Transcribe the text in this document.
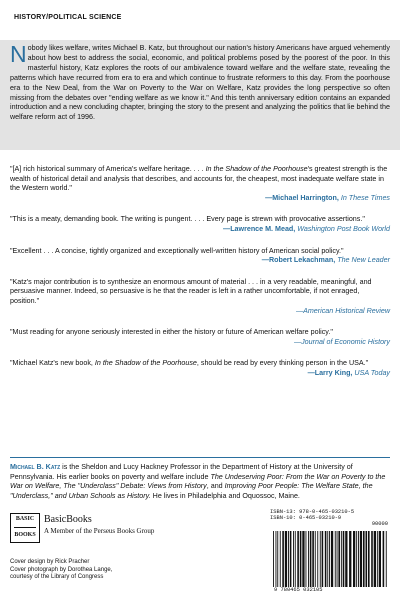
HISTORY/POLITICAL SCIENCE
Nobody likes welfare, writes Michael B. Katz, but throughout our nation's history Americans have argued vehemently about how best to address the social, economic, and political problems posed by the poorest of the poor. In this masterful history, Katz explores the roots of our ambivalence toward welfare and the welfare state, revealing the patterns which have recurred from era to era and which continue to frustrate reformers to this day. From the poorhouse era to the New Deal, from the War on Poverty to the War on Welfare, Katz provides the long perspective so often missing from the debates over "ending welfare as we know it." And this tenth anniversary edition contains an expanded introduction and a new concluding chapter, bringing the story to the present and analyzing the politics that lie behind the welfare reform act of 1996.
"[A] rich historical summary of America's welfare heritage. . . . In the Shadow of the Poorhouse's greatest strength is the wealth of historical detail and analysis that describes, and accounts for, the cheapest, most inadequate welfare state in the Western world."
—Michael Harrington, In These Times
"This is a meaty, demanding book. The writing is pungent. . . . Every page is strewn with provocative assertions."
—Lawrence M. Mead, Washington Post Book World
"Excellent . . . A concise, tightly organized and exceptionally well-written history of American social policy."
—Robert Lekachman, The New Leader
"Katz's major contribution is to synthesize an enormous amount of material . . . in a very readable, meaningful, and persuasive manner. Indeed, so persuasive is he that the reader is left in a rather uncomfortable, if not enraged, position."
—American Historical Review
"Must reading for anyone seriously interested in either the history or future of American welfare policy."
—Journal of Economic History
"Michael Katz's new book, In the Shadow of the Poorhouse, should be read by every thinking person in the USA."
—Larry King, USA Today
Michael B. Katz is the Sheldon and Lucy Hackney Professor in the Department of History at the University of Pennsylvania. His earlier books on poverty and welfare include The Undeserving Poor: From the War on Poverty to the War on Welfare, The "Underclass" Debate: Views from History, and Improving Poor People: The Welfare State, the "Underclass," and Urban Schools as History. He lives in Philadelphia and Oquossoc, Maine.
BASIC
BOOKS
BasicBooks
A Member of the Perseus Books Group
Cover design by Rick Pracher
Cover photograph by Dorothea Lange,
courtesy of the Library of Congress
ISBN-13: 978-0-465-03210-5
ISBN-10: 0-465-03210-9
90000
9 780465 032105
